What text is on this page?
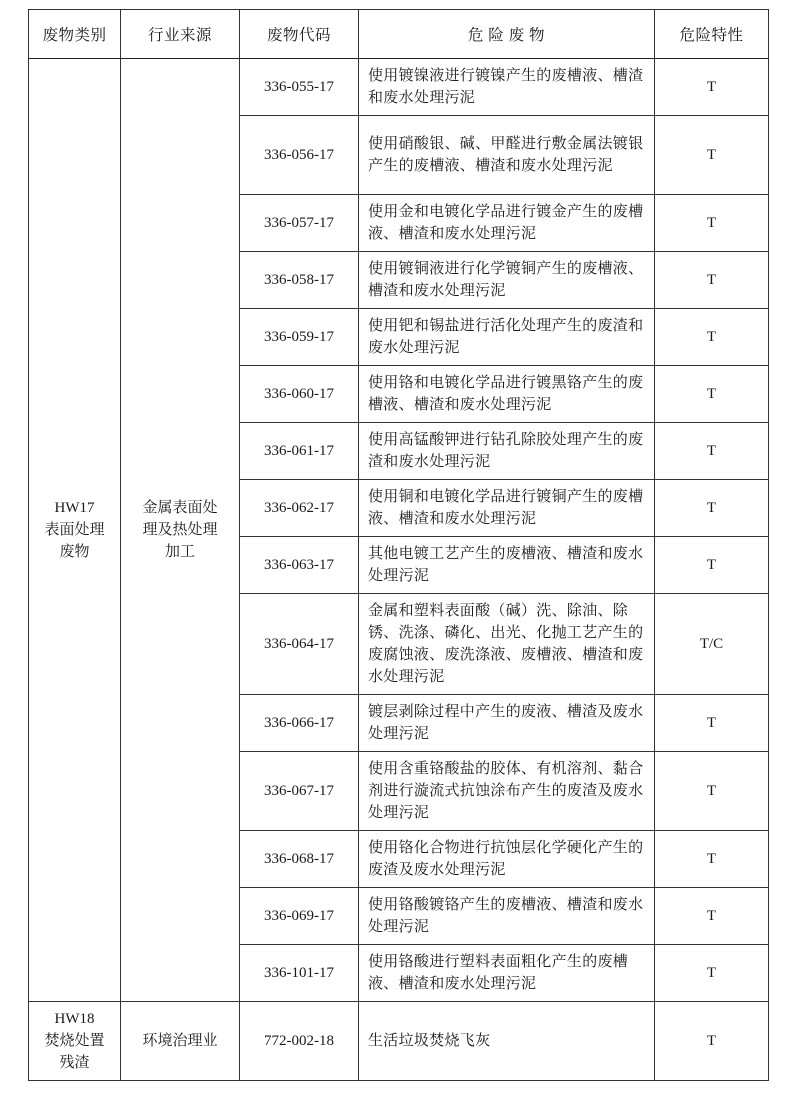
废物类别	行业来源	废物代码	危 险 废 物	危险特性

HW17
表面处理
废物	金属表面处
理及热处理
加工	336-055-17	使用镀镍液进行镀镍产生的废槽液、槽渣和废水处理污泥	T
		336-056-17	使用硝酸银、碱、甲醛进行敷金属法镀银产生的废槽液、槽渣和废水处理污泥	T
		336-057-17	使用金和电镀化学品进行镀金产生的废槽液、槽渣和废水处理污泥	T
		336-058-17	使用镀铜液进行化学镀铜产生的废槽液、槽渣和废水处理污泥	T
		336-059-17	使用钯和锡盐进行活化处理产生的废渣和废水处理污泥	T
		336-060-17	使用铬和电镀化学品进行镀黑铬产生的废槽液、槽渣和废水处理污泥	T
		336-061-17	使用高锰酸钾进行钻孔除胶处理产生的废渣和废水处理污泥	T
		336-062-17	使用铜和电镀化学品进行镀铜产生的废槽液、槽渣和废水处理污泥	T
		336-063-17	其他电镀工艺产生的废槽液、槽渣和废水处理污泥	T
		336-064-17	金属和塑料表面酸（碱）洗、除油、除锈、洗涤、磷化、出光、化抛工艺产生的废腐蚀液、废洗涤液、废槽液、槽渣和废水处理污泥	T/C
		336-066-17	镀层剥除过程中产生的废液、槽渣及废水处理污泥	T
		336-067-17	使用含重铬酸盐的胶体、有机溶剂、黏合剂进行漩流式抗蚀涂布产生的废渣及废水处理污泥	T
		336-068-17	使用铬化合物进行抗蚀层化学硬化产生的废渣及废水处理污泥	T
		336-069-17	使用铬酸镀铬产生的废槽液、槽渣和废水处理污泥	T
		336-101-17	使用铬酸进行塑料表面粗化产生的废槽液、槽渣和废水处理污泥	T

HW18
焚烧处置
残渣	环境治理业	772-002-18	生活垃圾焚烧飞灰	T
